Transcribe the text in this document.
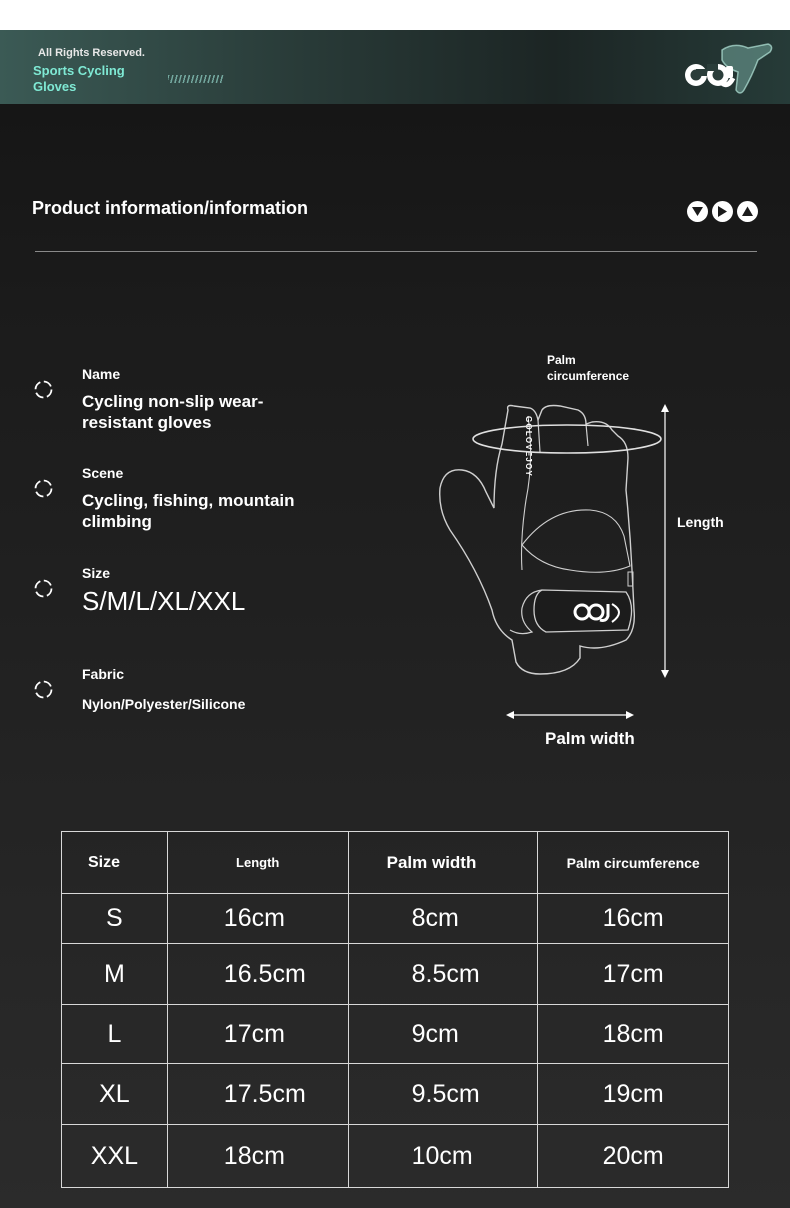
All Rights Reserved.
Sports Cycling Gloves
Product information/information
Name
Cycling non-slip wear-resistant gloves
Scene
Cycling, fishing, mountain climbing
Size
S/M/L/XL/XXL
Fabric
Nylon/Polyester/Silicone
Palm circumference
Length
Palm width
GOLOVEJOY
Size	Length	Palm width	Palm circumference
S	16cm	8cm	16cm
M	16.5cm	8.5cm	17cm
L	17cm	9cm	18cm
XL	17.5cm	9.5cm	19cm
XXL	18cm	10cm	20cm
